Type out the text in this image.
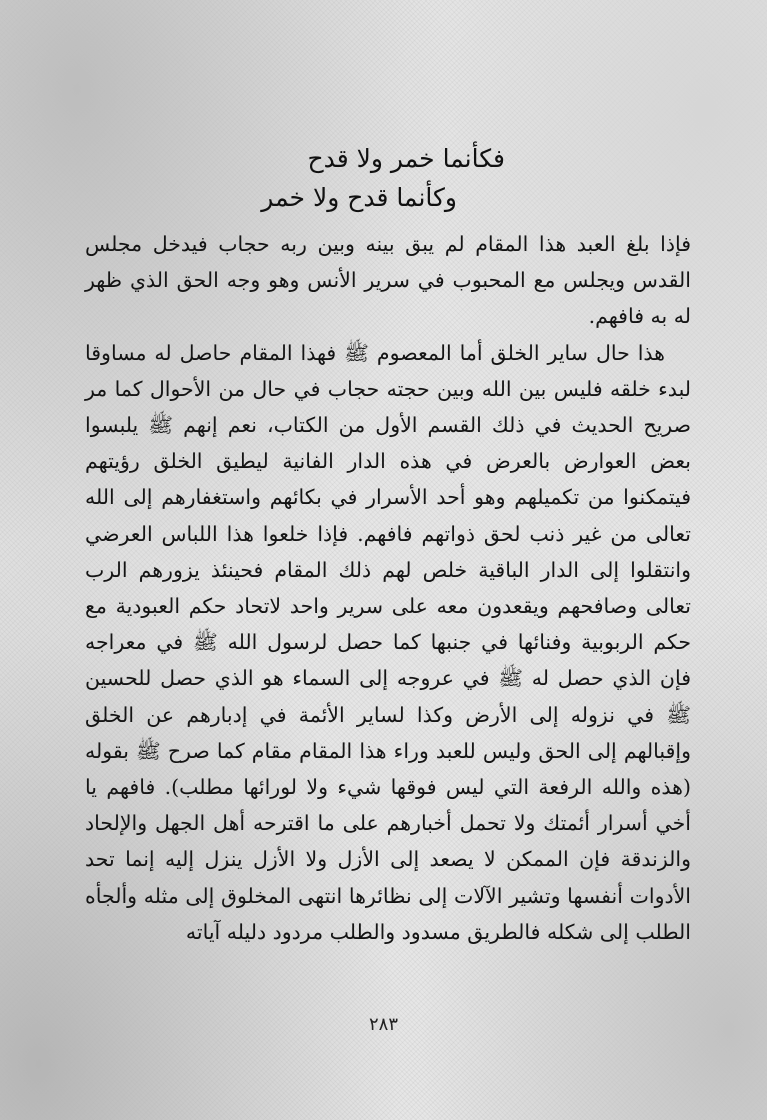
فكأنما خمر ولا قدح
وكأنما قدح ولا خمر

فإذا بلغ العبد هذا المقام لم يبق بينه وبين ربه حجاب فيدخل مجلس القدس ويجلس مع المحبوب في سرير الأنس وهو وجه الحق الذي ظهر له به فافهم.

هذا حال ساير الخلق أما المعصوم ﷺ فهذا المقام حاصل له مساوقا لبدء خلقه فليس بين الله وبين حجته حجاب في حال من الأحوال كما مر صريح الحديث في ذلك القسم الأول من الكتاب، نعم إنهم ﷺ يلبسوا بعض العوارض بالعرض في هذه الدار الفانية ليطيق الخلق رؤيتهم فيتمكنوا من تكميلهم وهو أحد الأسرار في بكائهم واستغفارهم إلى الله تعالى من غير ذنب لحق ذواتهم فافهم. فإذا خلعوا هذا اللباس العرضي وانتقلوا إلى الدار الباقية خلص لهم ذلك المقام فحينئذ يزورهم الرب تعالى وصافحهم ويقعدون معه على سرير واحد لاتحاد حكم العبودية مع حكم الربوبية وفنائها في جنبها كما حصل لرسول الله ﷺ في معراجه فإن الذي حصل له ﷺ في عروجه إلى السماء هو الذي حصل للحسين ﷺ في نزوله إلى الأرض وكذا لساير الأئمة في إدبارهم عن الخلق وإقبالهم إلى الحق وليس للعبد وراء هذا المقام مقام كما صرح ﷺ بقوله (هذه والله الرفعة التي ليس فوقها شيء ولا لورائها مطلب). فافهم يا أخي أسرار أئمتك ولا تحمل أخبارهم على ما اقترحه أهل الجهل والإلحاد والزندقة فإن الممكن لا يصعد إلى الأزل ولا الأزل ينزل إليه إنما تحد الأدوات أنفسها وتشير الآلات إلى نظائرها انتهى المخلوق إلى مثله وألجأه الطلب إلى شكله فالطريق مسدود والطلب مردود دليله آياته

٢٨٣
